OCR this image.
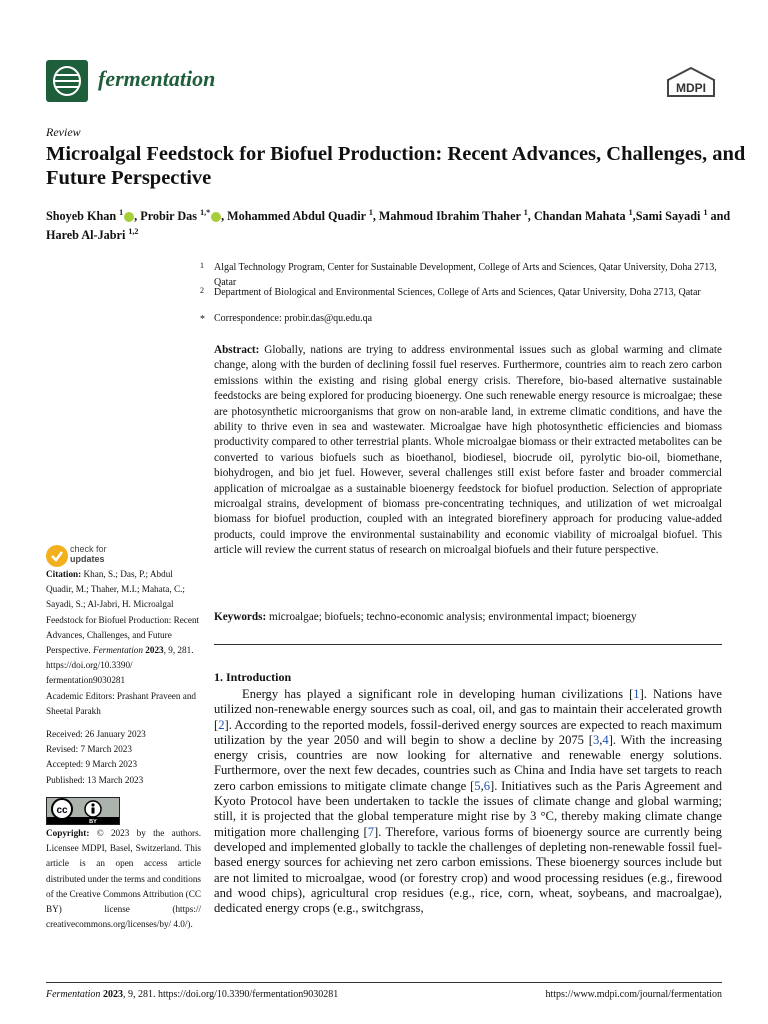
fermentation	MDPI
Review
Microalgal Feedstock for Biofuel Production: Recent Advances, Challenges, and Future Perspective
Shoyeb Khan $^1$ , Probir Das $^{1,*}$ , Mohammed Abdul Quadir $^1$, Mahmoud Ibrahim Thaher $^1$, Chandan Mahata $^1$,Sami Sayadi $^1$ and Hareb Al-Jabri $^{1,2}$
1 Algal Technology Program, Center for Sustainable Development, College of Arts and Sciences, Qatar University, Doha 2713, Qatar
2 Department of Biological and Environmental Sciences, College of Arts and Sciences, Qatar University, Doha 2713, Qatar
* Correspondence: probir.das@qu.edu.qa
Abstract: Globally, nations are trying to address environmental issues such as global warming and climate change, along with the burden of declining fossil fuel reserves. Furthermore, countries aim to reach zero carbon emissions within the existing and rising global energy crisis. Therefore, bio-based alternative sustainable feedstocks are being explored for producing bioenergy. One such renewable energy resource is microalgae; these are photosynthetic microorganisms that grow on non-arable land, in extreme climatic conditions, and have the ability to thrive even in sea and wastewater. Microalgae have high photosynthetic efficiencies and biomass productivity compared to other terrestrial plants. Whole microalgae biomass or their extracted metabolites can be converted to various biofuels such as bioethanol, biodiesel, biocrude oil, pyrolytic bio-oil, biomethane, biohydrogen, and bio jet fuel. However, several challenges still exist before faster and broader commercial application of microalgae as a sustainable bioenergy feedstock for biofuel production. Selection of appropriate microalgal strains, development of biomass pre-concentrating techniques, and utilization of wet microalgal biomass for biofuel production, coupled with an integrated biorefinery approach for producing value-added products, could improve the environmental sustainability and economic viability of microalgal biofuel. This article will review the current status of research on microalgal biofuels and their future perspective.
Keywords: microalgae; biofuels; techno-economic analysis; environmental impact; bioenergy
1. Introduction
Energy has played a significant role in developing human civilizations [1]. Nations have utilized non-renewable energy sources such as coal, oil, and gas to maintain their accelerated growth [2]. According to the reported models, fossil-derived energy sources are expected to reach maximum utilization by the year 2050 and will begin to show a decline by 2075 [3,4]. With the increasing energy crisis, countries are now looking for alternative and renewable energy solutions. Furthermore, over the next few decades, countries such as China and India have set targets to reach zero carbon emissions to mitigate climate change [5,6]. Initiatives such as the Paris Agreement and Kyoto Protocol have been undertaken to tackle the issues of climate change and global warming; still, it is projected that the global temperature might rise by 3 °C, thereby making climate change mitigation more challenging [7]. Therefore, various forms of bioenergy source are currently being developed and implemented globally to tackle the challenges of depleting non-renewable fossil fuel-based energy sources for achieving net zero carbon emissions. These bioenergy sources include but are not limited to microalgae, wood (or forestry crop) and wood processing residues (e.g., firewood and wood chips), agricultural crop residues (e.g., rice, corn, wheat, soybeans, and macroalgae), dedicated energy crops (e.g., switchgrass,
check for
updates
Citation: Khan, S.; Das, P.; Abdul Quadir, M.; Thaher, M.I.; Mahata, C.; Sayadi, S.; Al-Jabri, H. Microalgal Feedstock for Biofuel Production: Recent Advances, Challenges, and Future Perspective. Fermentation 2023, 9, 281. https://doi.org/10.3390/ fermentation9030281
Academic Editors: Prashant Praveen and Sheetal Parakh
Received: 26 January 2023
Revised: 7 March 2023
Accepted: 9 March 2023
Published: 13 March 2023
cc
BY
Copyright: © 2023 by the authors. Licensee MDPI, Basel, Switzerland. This article is an open access article distributed under the terms and conditions of the Creative Commons Attribution (CC BY) license (https:// creativecommons.org/licenses/by/ 4.0/).
Fermentation 2023, 9, 281. https://doi.org/10.3390/fermentation9030281	https://www.mdpi.com/journal/fermentation
